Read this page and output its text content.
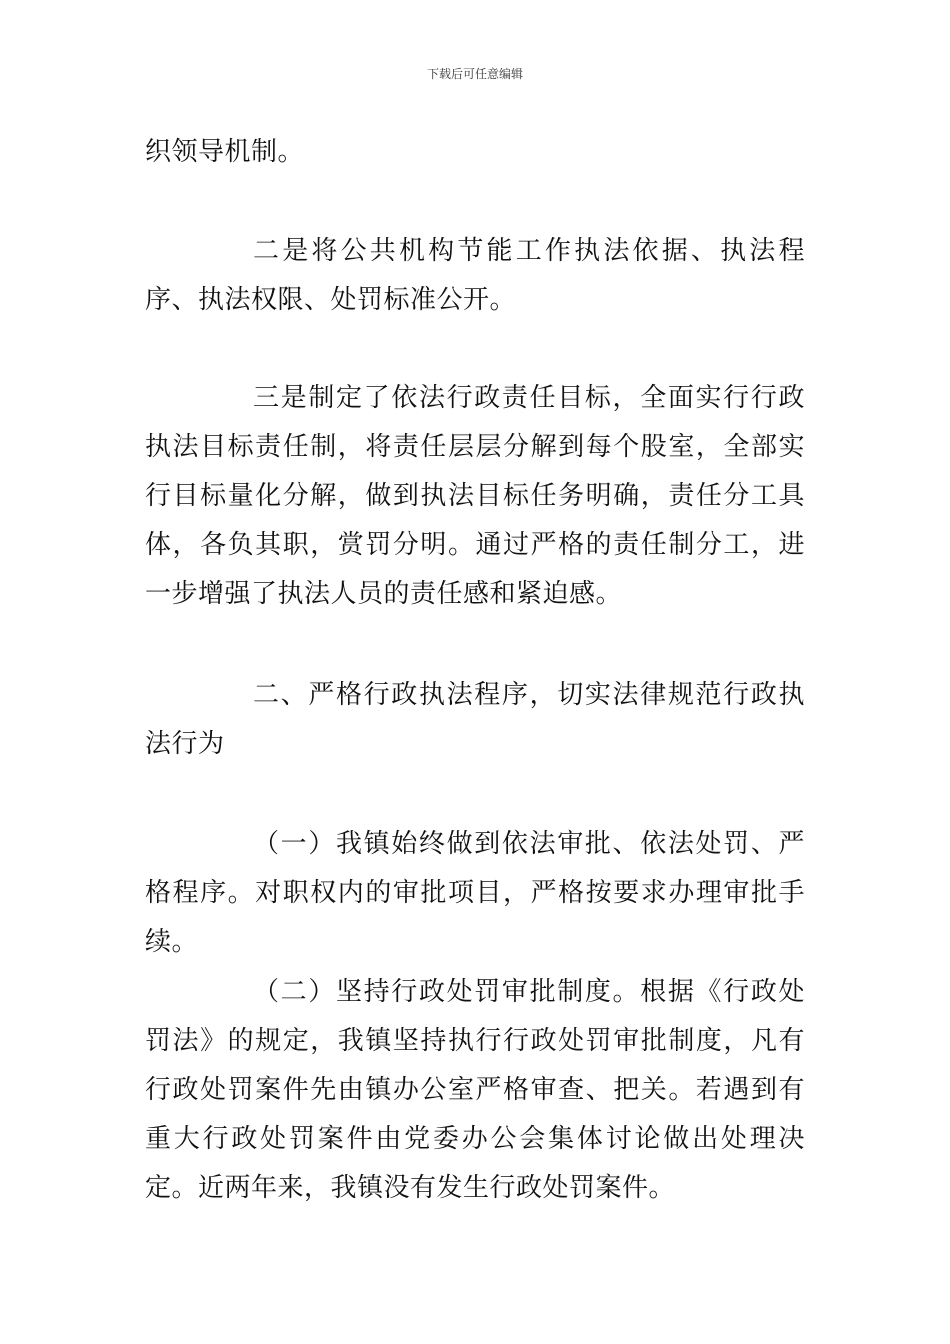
下载后可任意编辑

织领导机制。

二是将公共机构节能工作执法依据、执法程序、执法权限、处罚标准公开。

三是制定了依法行政责任目标，全面实行行政执法目标责任制，将责任层层分解到每个股室，全部实行目标量化分解，做到执法目标任务明确，责任分工具体，各负其职，赏罚分明。通过严格的责任制分工，进一步增强了执法人员的责任感和紧迫感。

二、严格行政执法程序，切实法律规范行政执法行为

（一）我镇始终做到依法审批、依法处罚、严格程序。对职权内的审批项目，严格按要求办理审批手续。

（二）坚持行政处罚审批制度。根据《行政处罚法》的规定，我镇坚持执行行政处罚审批制度，凡有行政处罚案件先由镇办公室严格审查、把关。若遇到有重大行政处罚案件由党委办公会集体讨论做出处理决定。近两年来，我镇没有发生行政处罚案件。
